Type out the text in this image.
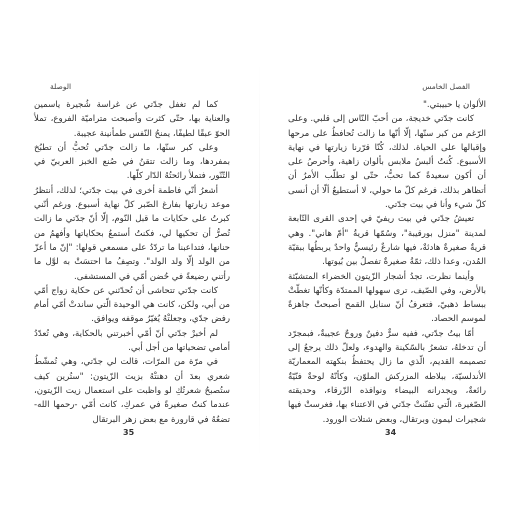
الوصلة

كما لم تغفل جدّتي عن غراسة شُجيرة ياسمين والعناية بها، حتّى كثرت وأصبحت متراميّة الفروع، تملأ الحوّ عبقًا لطيفًا، يمنحُ النّفس طمأنينة عجيبة.

وعلى كبر سنّها، ما زالت جدّتي تُحبُّ أن تطبُخ بمفردها، وما زالت تتقنُ في صُنع الخبز العربيّ في التّنّور، فتملأ رائحتُهُ الدّار كلّها.

أشعرُ أنّي فاطمة أخرى في بيت جدّتي؛ لذلك، أنتظرُ موعد زيارتها بفارغ الصّبر كلّ نهاية أسبوع. ورغم أنّني كبرتُ على حكايات ما قبل النّوم، إلّا أنّ جدّتي ما زالت تُصرُّ أن تحكيها لي، فكنتُ أستمعُ بحكاياتها وأفهمُ من حنانها، فتداعبنا ما تردّدُ على مسمعي قولها: "إنّ ما أعزّ من الولد إلّا ولد الولد". وتصِفُ ما احتسَتْ به لوَّل ما رأتني رضيعةً في حُضن أمّي في المستشفى.

كانت جدّتي تتحاشى أن تُحدّثني عن حكاية زواج أمّي من أبي، ولكن، كانت هي الوحيدة الّتي ساندتْ أمّي أمام رفض جدّي، وجعلتْهُ يُغيّرُ موقفه ويوافق.

لم أخبرْ جدّتي أنّ أمّي أخبرتني بالحكاية، وهي تُعدّدُ أمامي تضحياتها من أجل أبي.

في مرّة من المرّات، قالت لي جدّتي، وهي تُمشّطُ شعري بعدَ أن دهنتْهُ بزيت الزّيتون: "ستُرين كيف ستُصبحُ شعرتُكِ لو واظبت على استعمال زيت الزّيتون، عندما كنتُ صغيرةً في عمركِ، كانت أمّي -رحمها الله- تضعُهُ في قارورة مع بعض زهر البرتقال

35
الفصل الخامس

الألوان يا حبيبتي."

كانت جدّتي خديجة، من أحبّ النّاس إلى قلبي. وعلى الرّغم من كبر سنّها، إلّا أنّها ما زالت تُحافظُ على مرحها وإقبالها على الحياة. لذلك، كُنّا قرّرنا زيارتها في نهاية الأسبوع. كُنتُ ألبسُ ملابس بألوان زاهية، وأحرصُ على أن أكون سعيدةً كما تحبُّ، حتّى لو تطلّب الأمرُ أن أتظاهر بذلك، فرغم كلّ ما حولي، لا أستطيعُ ألّا أن أنسى كلّ شيء وأنا في بيت جدّتي.

تعيشُ جدّتي في بيت ريفيّ في إحدى القرى التّابعة لمدينة "منزل بورقيبة"، وسُمّها قريةُ "أمّ هاني". وهي قريةٌ صغيرةٌ هادئةٌ، فيها شارعٌ رئيسيٌّ واحدٌ يربطُها ببقيّة المُدن، وعدا ذلك، ثمّةُ صغيرةٌ تفصلُ بين بُيوتها.

وأينما نظرت، تجدُ أشجار الزّيتون الخضراء المتشبّثة بالأرض، وفي الصّيف، ترى سهولها الممتدّة وكأنّها تغطّتْ ببساط ذهبيّ، فتعرفُ أنّ سنابل القمح أصبحتْ جاهزةً لموسم الحصاد.

أمّا بيتُ جدّتي، ففيه سرٌّ دفينٌ وروحٌ عجيبةٌ، فبمجرّد أن تدخلهُ، تشعرُ بالسّكينة والهدوء، ولعلّ ذلك يرجعُ إلى تصميمه القديم، الّذي ما زال يحتفظُ بنكهته المعماريّة الأندلسيّة، ببلاطه المزركش الملوّن، وكأنّهُ لوحةٌ فنّيّةٌ رائعةٌ، وبجدرانه البيضاء ونوافذه الزّرقاء، وحديقته الصّغيرة، الّتي تفنّنتْ جدّتي في الاعتناء بها، فغرستْ فيها شجيرات ليمون وبرتقال، وبعض شتلات الورود.

34
